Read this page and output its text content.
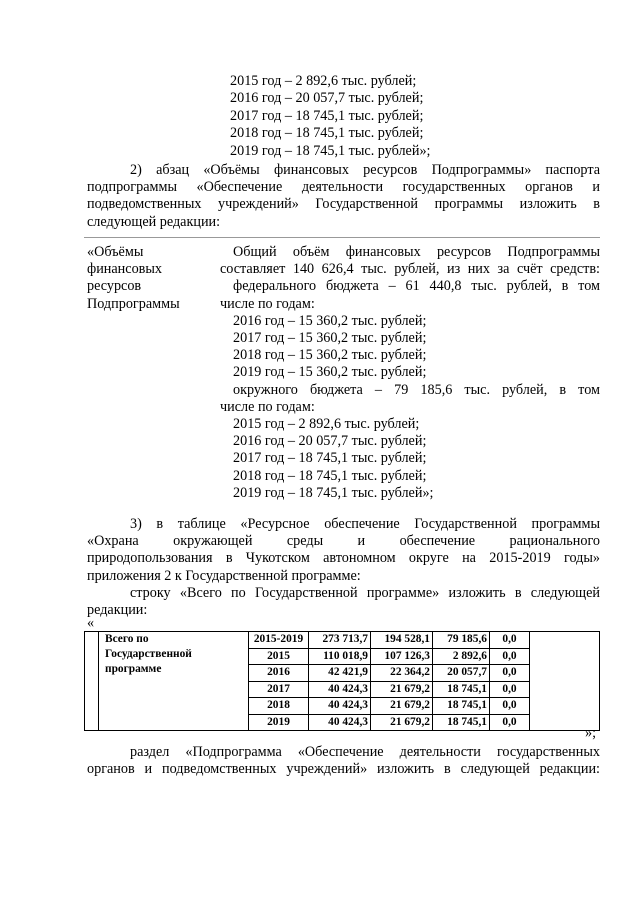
2015 год – 2 892,6 тыс. рублей;
2016 год – 20 057,7 тыс. рублей;
2017 год – 18 745,1 тыс. рублей;
2018 год – 18 745,1 тыс. рублей;
2019 год – 18 745,1 тыс. рублей»;
2) абзац «Объёмы финансовых ресурсов Подпрограммы» паспорта
подпрограммы «Обеспечение деятельности государственных органов и
подведомственных учреждений» Государственной программы изложить в
следующей редакции:
«Объёмы
финансовых
ресурсов
Подпрограммы
Общий объём финансовых ресурсов Подпрограммы
составляет 140 626,4 тыс. рублей, из них за счёт средств:
федерального бюджета – 61 440,8 тыс. рублей, в том
числе по годам:
2016 год – 15 360,2 тыс. рублей;
2017 год – 15 360,2 тыс. рублей;
2018 год – 15 360,2 тыс. рублей;
2019 год – 15 360,2 тыс. рублей;
окружного бюджета – 79 185,6 тыс. рублей, в том
числе по годам:
2015 год – 2 892,6 тыс. рублей;
2016 год – 20 057,7 тыс. рублей;
2017 год – 18 745,1 тыс. рублей;
2018 год – 18 745,1 тыс. рублей;
2019 год – 18 745,1 тыс. рублей»;
3) в таблице «Ресурсное обеспечение Государственной программы
«Охрана окружающей среды и обеспечение рационального
природопользования в Чукотском автономном округе на 2015-2019 годы»
приложения 2 к Государственной программе:
строку «Всего по Государственной программе» изложить в следующей
редакции:
«

	Всего по
Государственной
программе	2015-2019	273 713,7	194 528,1	79 185,6	0,0	
		2015	110 018,9	107 126,3	2 892,6	0,0	
		2016	42 421,9	22 364,2	20 057,7	0,0	
		2017	40 424,3	21 679,2	18 745,1	0,0	
		2018	40 424,3	21 679,2	18 745,1	0,0	
		2019	40 424,3	21 679,2	18 745,1	0,0	
»;
раздел «Подпрограмма «Обеспечение деятельности государственных
органов и подведомственных учреждений» изложить в следующей редакции:
